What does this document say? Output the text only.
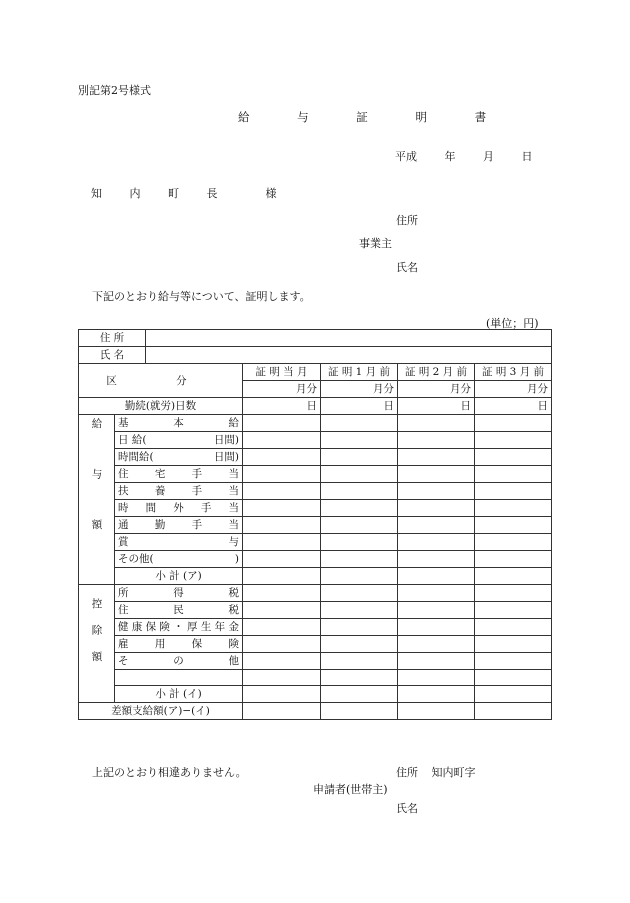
別記第2号様式
給 与 証 明 書
平成	年	月	日
知 内 町 長	様
住所
事業主
氏名
下記のとおり給与等について、証明します。
(単位；円)
住 所						
氏 名						
区 分			証 明 当 月	証 明 1 月 前	証 明 2 月 前	証 明 3 月 前
			月分	月分	月分	月分
勤続(就労)日数			日	日	日	日
給与額	基 本 給					
	日 給( 日間)					

	時間給( 日間)					

	住 宅 手 当					
	扶 養 手 当					
	時 間 外 手 当					
	通 勤 手 当					
	賞 与					
	その他( )					

	小 計 (ア)					
控除額	所 得 税					
	住 民 税					
	健康保険・厚生年金					
	雇 用 保 険					
	そ の 他					

	小 計 (イ)					
差額支給額(ア)−(イ)						
上記のとおり相違ありません。	住所 知内町字
申請者(世帯主)
氏名
